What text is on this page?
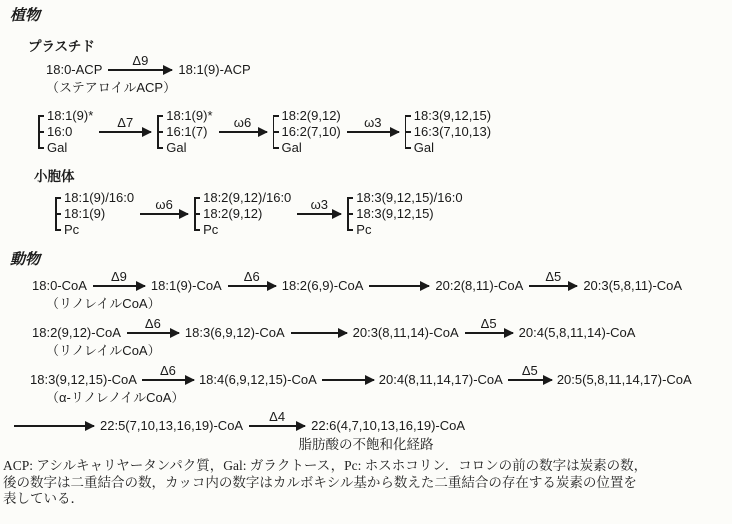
植物
プラスチド
18:0-ACP
Δ9
18:1(9)-ACP
（ステアロイルACP）
18:1(9)*
16:0
Gal
Δ7	18:1(9)*
16:1(7)
Gal
ω6 18:2(9,12)
16:2(7,10)
Gal
ω3 18:3(9,12,15)
16:3(7,10,13)
Gal
小胞体
18:1(9)/16:0
18:1(9)
Pc
ω6 18:2(9,12)/16:0
18:2(9,12)
Pc
ω3 18:3(9,12,15)/16:0
18:3(9,12,15)
Pc
動物
18:0-CoA
Δ9
18:1(9)-CoA
Δ6
18:2(6,9)-CoA → 20:2(8,11)-CoA
Δ5
20:3(5,8,11)-CoA
（リノレイルCoA）
18:2(9,12)-CoA
Δ6
18:3(6,9,12)-CoA → 20:3(8,11,14)-CoA
Δ5
20:4(5,8,11,14)-CoA
（リノレイルCoA）
18:3(9,12,15)-CoA
Δ6
18:4(6,9,12,15)-CoA → 20:4(8,11,14,17)-CoA
Δ5
20:5(5,8,11,14,17)-CoA
（α-リノレノイルCoA）
22:5(7,10,13,16,19)-CoA
Δ4
22:6(4,7,10,13,16,19)-CoA
脂肪酸の不飽和化経路
ACP: アシルキャリヤータンパク質，Gal: ガラクトース，Pc: ホスホコリン．コロンの前の数字は炭素の数，
後の数字は二重結合の数，カッコ内の数字はカルボキシル基から数えた二重結合の存在する炭素の位置を
表している．
